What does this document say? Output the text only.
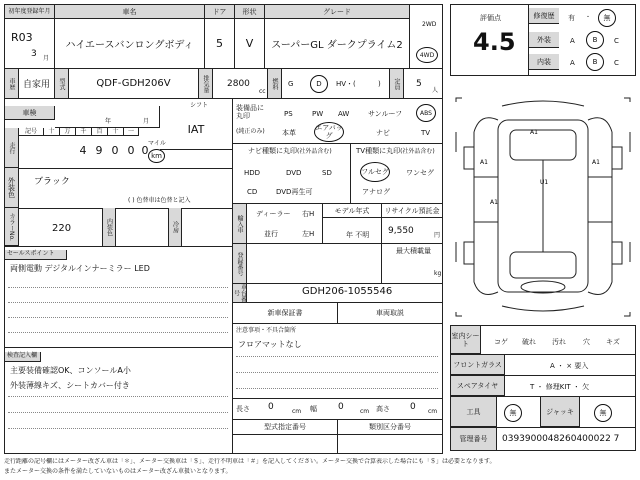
初年度登録年月	車名	ドア	形状	グレード
R03
3 月
ハイエースバンロングボディ	5	V	スーパーGL ダークプライム2
2WD
4WD
車歴 自家用	型式	QDF-GDH206V	排気量	2800
cc
燃料	G	D	HV・(	)	定員	5
人
車検
年	月
シフト
IAT
走行
記号	十	万	千	百	十	一
4 9 0 0 0 マイル
km
外装色	ブラック
( ) 色替車は色替と記入
カラーNo.	220	内装色	冷房
セールスポイント
両側電動 デジタルインナーミラー LED
検査記入欄
主要装備確認OK、コンソールA小
外装薄線キズ、シートカバー付き
装備品に丸印
(純正のみ)
PS	PW AW	サンルーフ	ABS
本革
エアバッグ	ナビ	TV
ナビ種類に丸印(社外品含む)	TV種類に丸印(社外品含む)
HDD	DVD	SD
CD	DVD再生可
フルセグ ワンセグ
アナログ
輸入車
ディーラー 右H
並行	左H
モデル年式
年 不明
リサイクル預託金
9,550	円
登録番号
最大積載量
kg
車台番号	GDH206-1055546
新車保証書	車両取説
注意事項・不具合箇所
フロアマットなし
長さ 0	cm 幅 0	cm 高さ 0 cm
型式指定番号	類別区分番号
評価点
4.5
修復歴	有 ・	無
外装	A	B	C
内装	A	B	C
A1
A1	A1
U1
A1
室内シート	コゲ 破れ 汚れ 穴 キズ
フロントガラス	A ・ × 要入
スペアタイヤ	T ・ 修理KIT ・ 欠
工具	無	ジャッキ	無
管理番号	0393900048260400022 7
走行距離の記号欄にはメーター改ざん車は「＊」、メーター交換車は「＄」、走行不明車は「＃」を記入してください。メーター交換で合算表示した場合にも「＄」は必要となります。
またメーター交換の条件を満たしていないものはメーター改ざん車扱いとなります。
